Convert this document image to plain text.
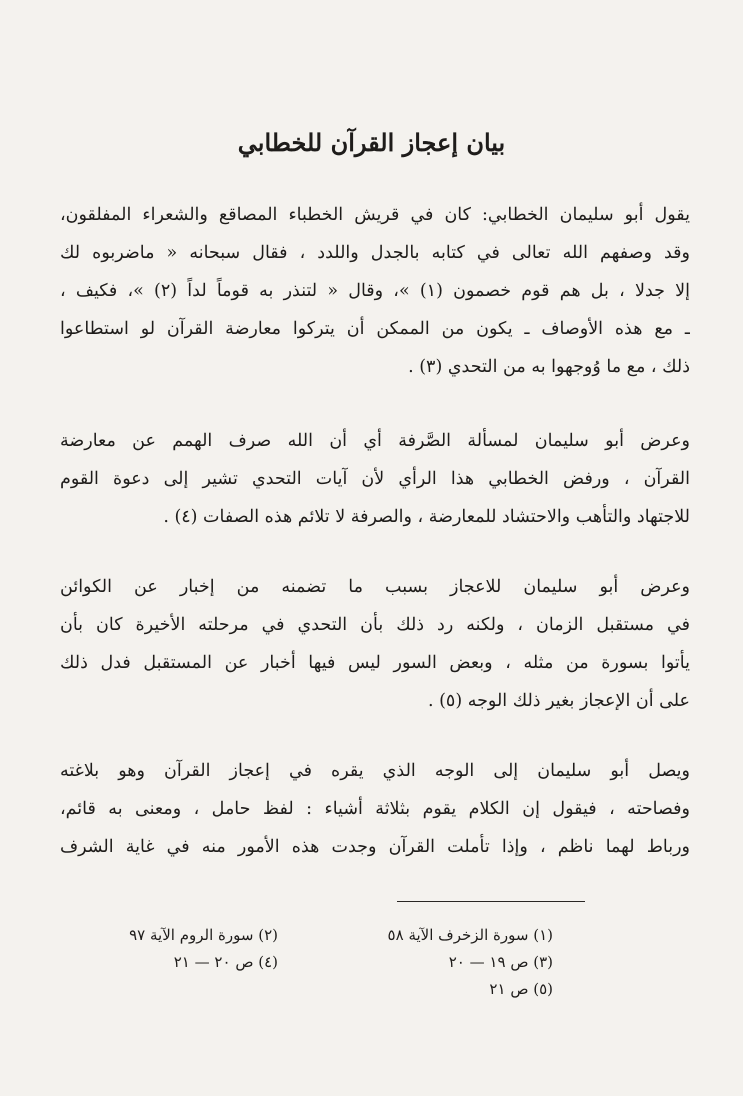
بيان إعجاز القرآن للخطابي
يقول أبو سليمان الخطابي: كان في قريش الخطباء المصاقع والشعراء المفلقون،
وقد وصفهم الله تعالى في كتابه بالجدل واللدد ، فقال سبحانه « ماضربوه لك
إلا جدلا ، بل هم قوم خصمون (١) »، وقال « لتنذر به قوماً لداً (٢) »، فكيف ،
ـ مع هذه الأوصاف ـ يكون من الممكن أن يتركوا معارضة القرآن لو استطاعوا
ذلك ، مع ما وُوجهوا به من التحدي (٣) .
وعرض أبو سليمان لمسألة الصَّرفة أي أن الله صرف الهمم عن معارضة
القرآن ، ورفض الخطابي هذا الرأي لأن آيات التحدي تشير إلى دعوة القوم
للاجتهاد والتأهب والاحتشاد للمعارضة ، والصرفة لا تلائم هذه الصفات (٤) .
وعرض أبو سليمان للاعجاز بسبب ما تضمنه من إخبار عن الكوائن
في مستقبل الزمان ، ولكنه رد ذلك بأن التحدي في مرحلته الأخيرة كان بأن
يأتوا بسورة من مثله ، وبعض السور ليس فيها أخبار عن المستقبل فدل ذلك
على أن الإعجاز بغير ذلك الوجه (٥) .
ويصل أبو سليمان إلى الوجه الذي يقره في إعجاز القرآن وهو بلاغته
وفصاحته ، فيقول إن الكلام يقوم بثلاثة أشياء : لفظ حامل ، ومعنى به قائم،
ورباط لهما ناظم ، وإذا تأملت القرآن وجدت هذه الأمور منه في غاية الشرف
(١) سورة الزخرف الآية ٥٨
(٣) ص ١٩ — ٢٠
(٥) ص ٢١
(٢) سورة الروم الآية ٩٧
(٤) ص ٢٠ — ٢١
